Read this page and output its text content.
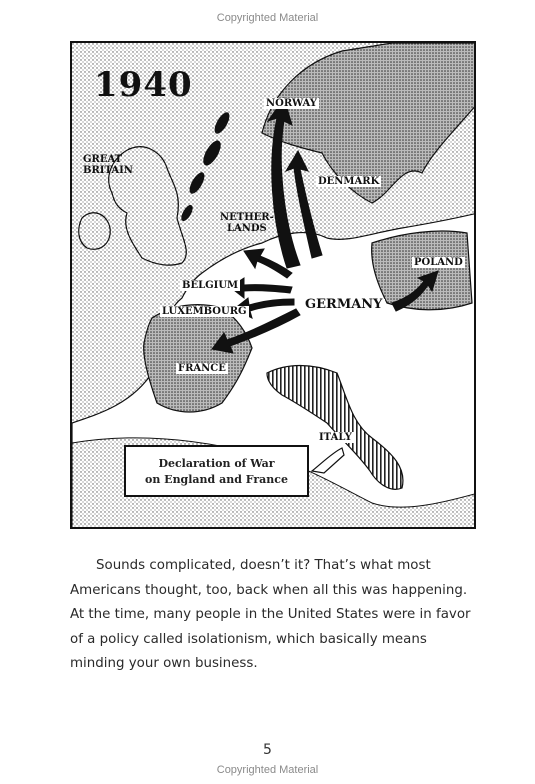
Copyrighted Material
1940
GREAT
BRITAIN
NORWAY
DENMARK
NETHER-
LANDS
BELGIUM
LUXEMBOURG	GERMANY
POLAND
FRANCE
ITALY
Declaration of War
on England and France

Sounds complicated, doesn’t it? That’s what most Americans thought, too, back when all this was happening. At the time, many people in the United States were in favor of a policy called isolationism, which basically means minding your own business.

5
Copyrighted Material
